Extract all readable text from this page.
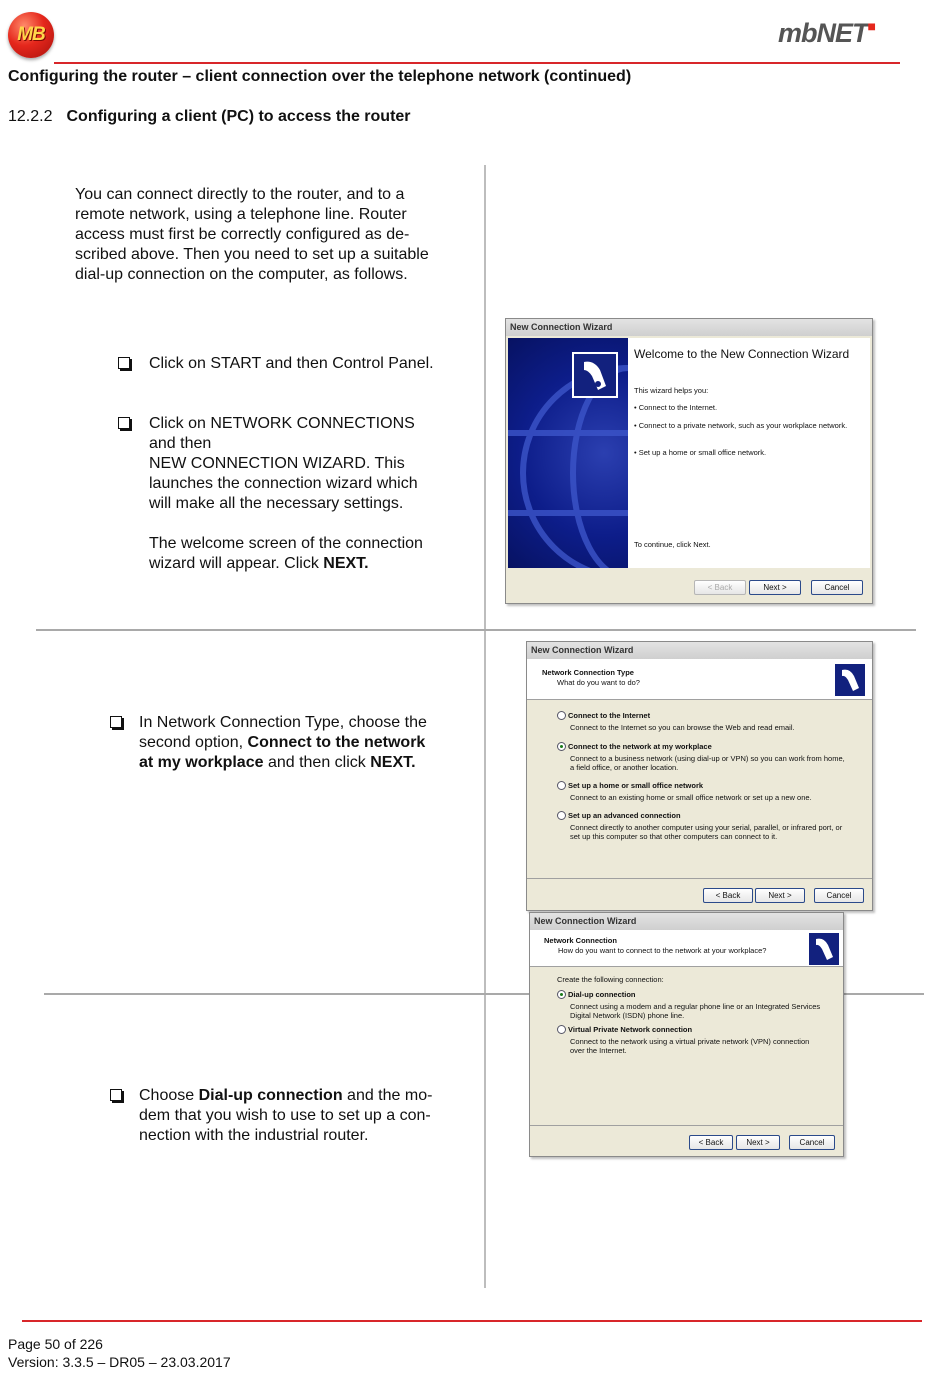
MB	mbNET■
Configuring the router – client connection over the telephone network (continued)
12.2.2 Configuring a client (PC) to access the router
You can connect directly to the router, and to a
remote network, using a telephone line. Router
access must first be correctly configured as de-
scribed above. Then you need to set up a suitable
dial-up connection on the computer, as follows.
Click on START and then Control Panel.
Click on NETWORK CONNECTIONS
and then
NEW CONNECTION WIZARD. This
launches the connection wizard which
will make all the necessary settings.
The welcome screen of the connection
wizard will appear. Click NEXT.
In Network Connection Type, choose the
second option, Connect to the network
at my workplace and then click NEXT.
Choose Dial-up connection and the mo-
dem that you wish to use to set up a con-
nection with the industrial router.
New Connection Wizard
Welcome to the New Connection Wizard
This wizard helps you:
• Connect to the Internet.
• Connect to a private network, such as your workplace network.
• Set up a home or small office network.
To continue, click Next.
< Back	Next >	Cancel
New Connection Wizard
Network Connection Type
What do you want to do?
Connect to the Internet
Connect to the Internet so you can browse the Web and read email.
Connect to the network at my workplace
Connect to a business network (using dial-up or VPN) so you can work from home, a field office, or another location.
Set up a home or small office network
Connect to an existing home or small office network or set up a new one.
Set up an advanced connection
Connect directly to another computer using your serial, parallel, or infrared port, or set up this computer so that other computers can connect to it.
< Back	Next >	Cancel
New Connection Wizard
Network Connection
How do you want to connect to the network at your workplace?
Create the following connection:
Dial-up connection
Connect using a modem and a regular phone line or an Integrated Services Digital Network (ISDN) phone line.
Virtual Private Network connection
Connect to the network using a virtual private network (VPN) connection over the Internet.
< Back	Next >	Cancel
Page 50 of 226
Version: 3.3.5 – DR05 – 23.03.2017
